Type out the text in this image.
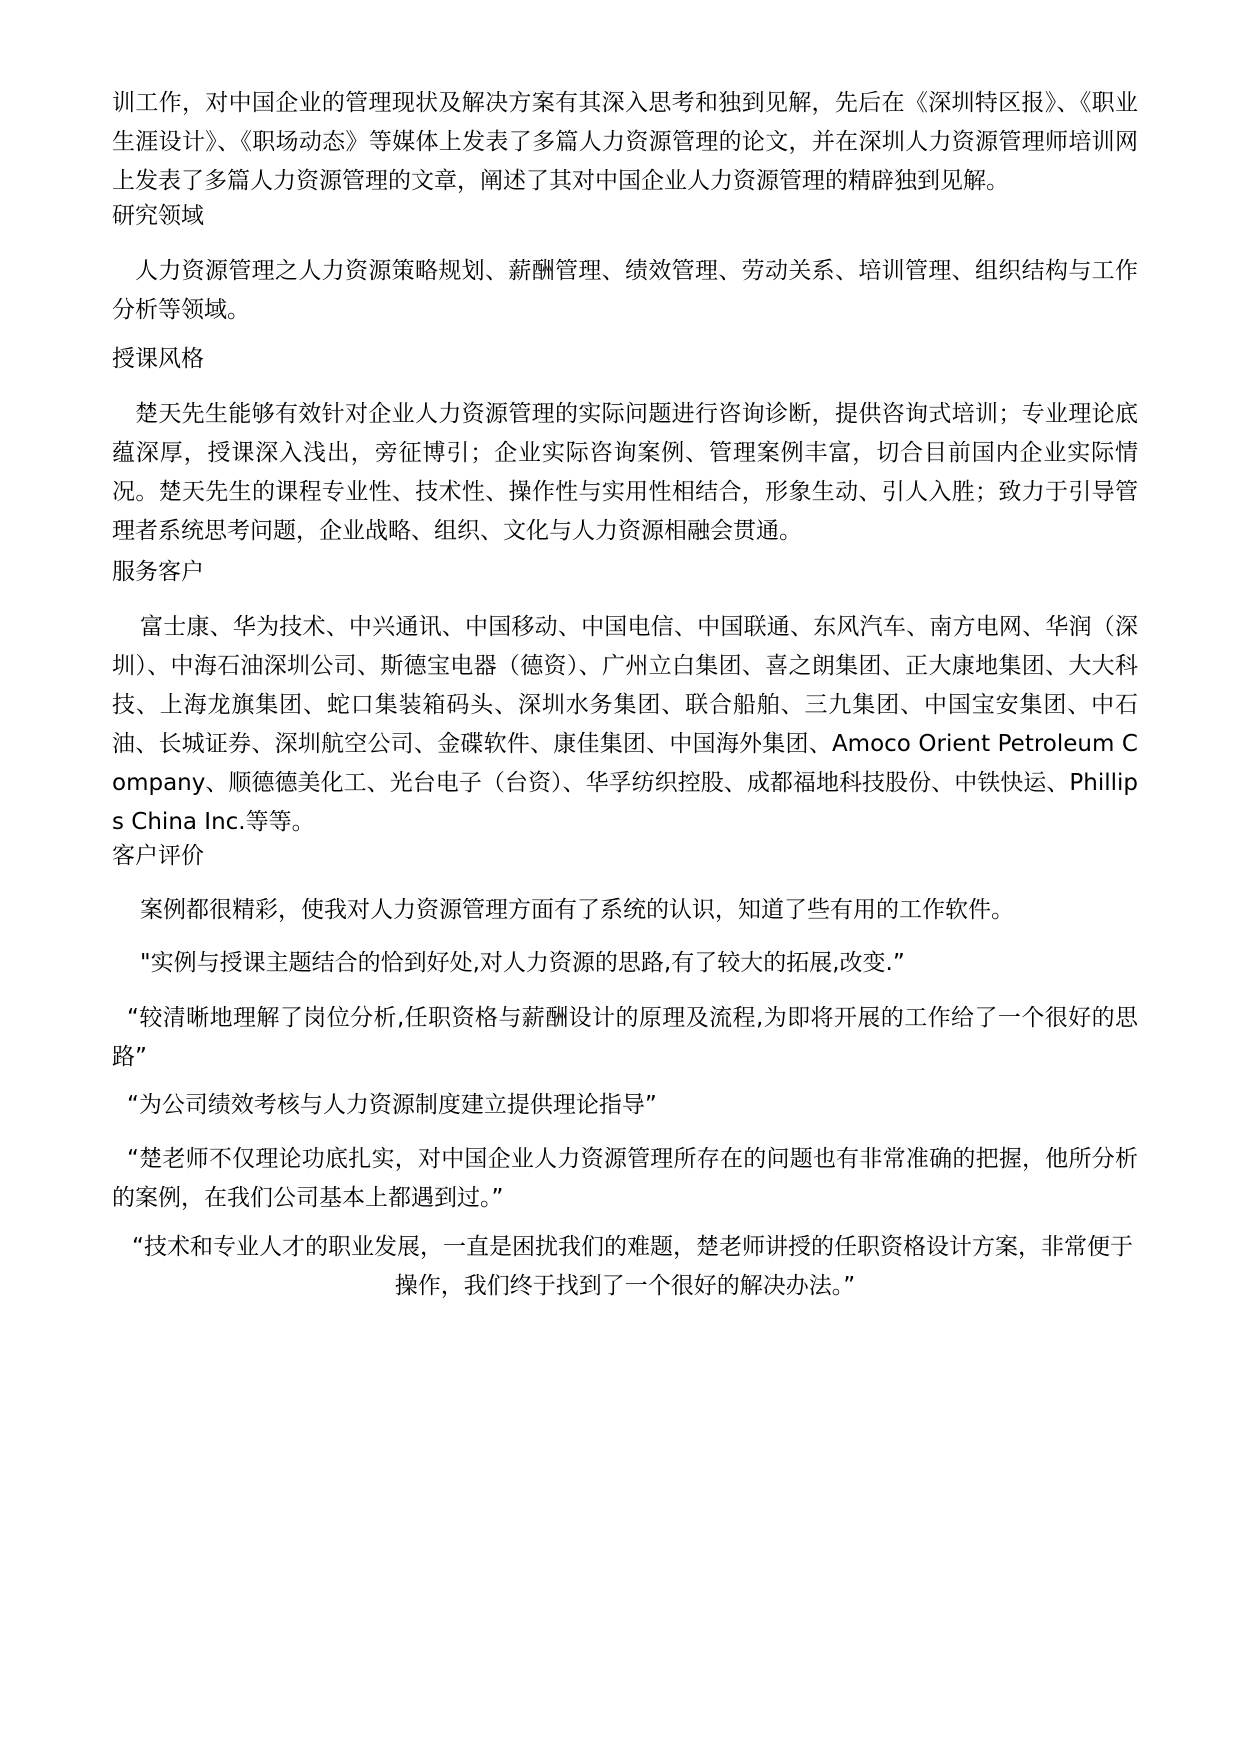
训工作，对中国企业的管理现状及解决方案有其深入思考和独到见解，先后在《深圳特区报》、《职业生涯设计》、《职场动态》等媒体上发表了多篇人力资源管理的论文，并在深圳人力资源管理师培训网上发表了多篇人力资源管理的文章，阐述了其对中国企业人力资源管理的精辟独到见解。

研究领域

人力资源管理之人力资源策略规划、薪酬管理、绩效管理、劳动关系、培训管理、组织结构与工作分析等领域。

授课风格

楚天先生能够有效针对企业人力资源管理的实际问题进行咨询诊断，提供咨询式培训；专业理论底蕴深厚，授课深入浅出，旁征博引；企业实际咨询案例、管理案例丰富，切合目前国内企业实际情况。楚天先生的课程专业性、技术性、操作性与实用性相结合，形象生动、引人入胜；致力于引导管理者系统思考问题，企业战略、组织、文化与人力资源相融会贯通。

服务客户

富士康、华为技术、中兴通讯、中国移动、中国电信、中国联通、东风汽车、南方电网、华润（深圳）、中海石油深圳公司、斯德宝电器（德资）、广州立白集团、喜之朗集团、正大康地集团、大大科技、上海龙旗集团、蛇口集装箱码头、深圳水务集团、联合船舶、三九集团、中国宝安集团、中石油、长城证券、深圳航空公司、金碟软件、康佳集团、中国海外集团、Amoco Orient Petroleum Company、顺德德美化工、光台电子（台资）、华孚纺织控股、成都福地科技股份、中铁快运、Phillips China Inc.等等。

客户评价

案例都很精彩，使我对人力资源管理方面有了系统的认识，知道了些有用的工作软件。

"实例与授课主题结合的恰到好处,对人力资源的思路,有了较大的拓展,改变.”

“较清晰地理解了岗位分析,任职资格与薪酬设计的原理及流程,为即将开展的工作给了一个很好的思路”

“为公司绩效考核与人力资源制度建立提供理论指导”

“楚老师不仅理论功底扎实，对中国企业人力资源管理所存在的问题也有非常准确的把握，他所分析的案例，在我们公司基本上都遇到过。”

“技术和专业人才的职业发展，一直是困扰我们的难题，楚老师讲授的任职资格设计方案，非常便于操作，我们终于找到了一个很好的解决办法。”
